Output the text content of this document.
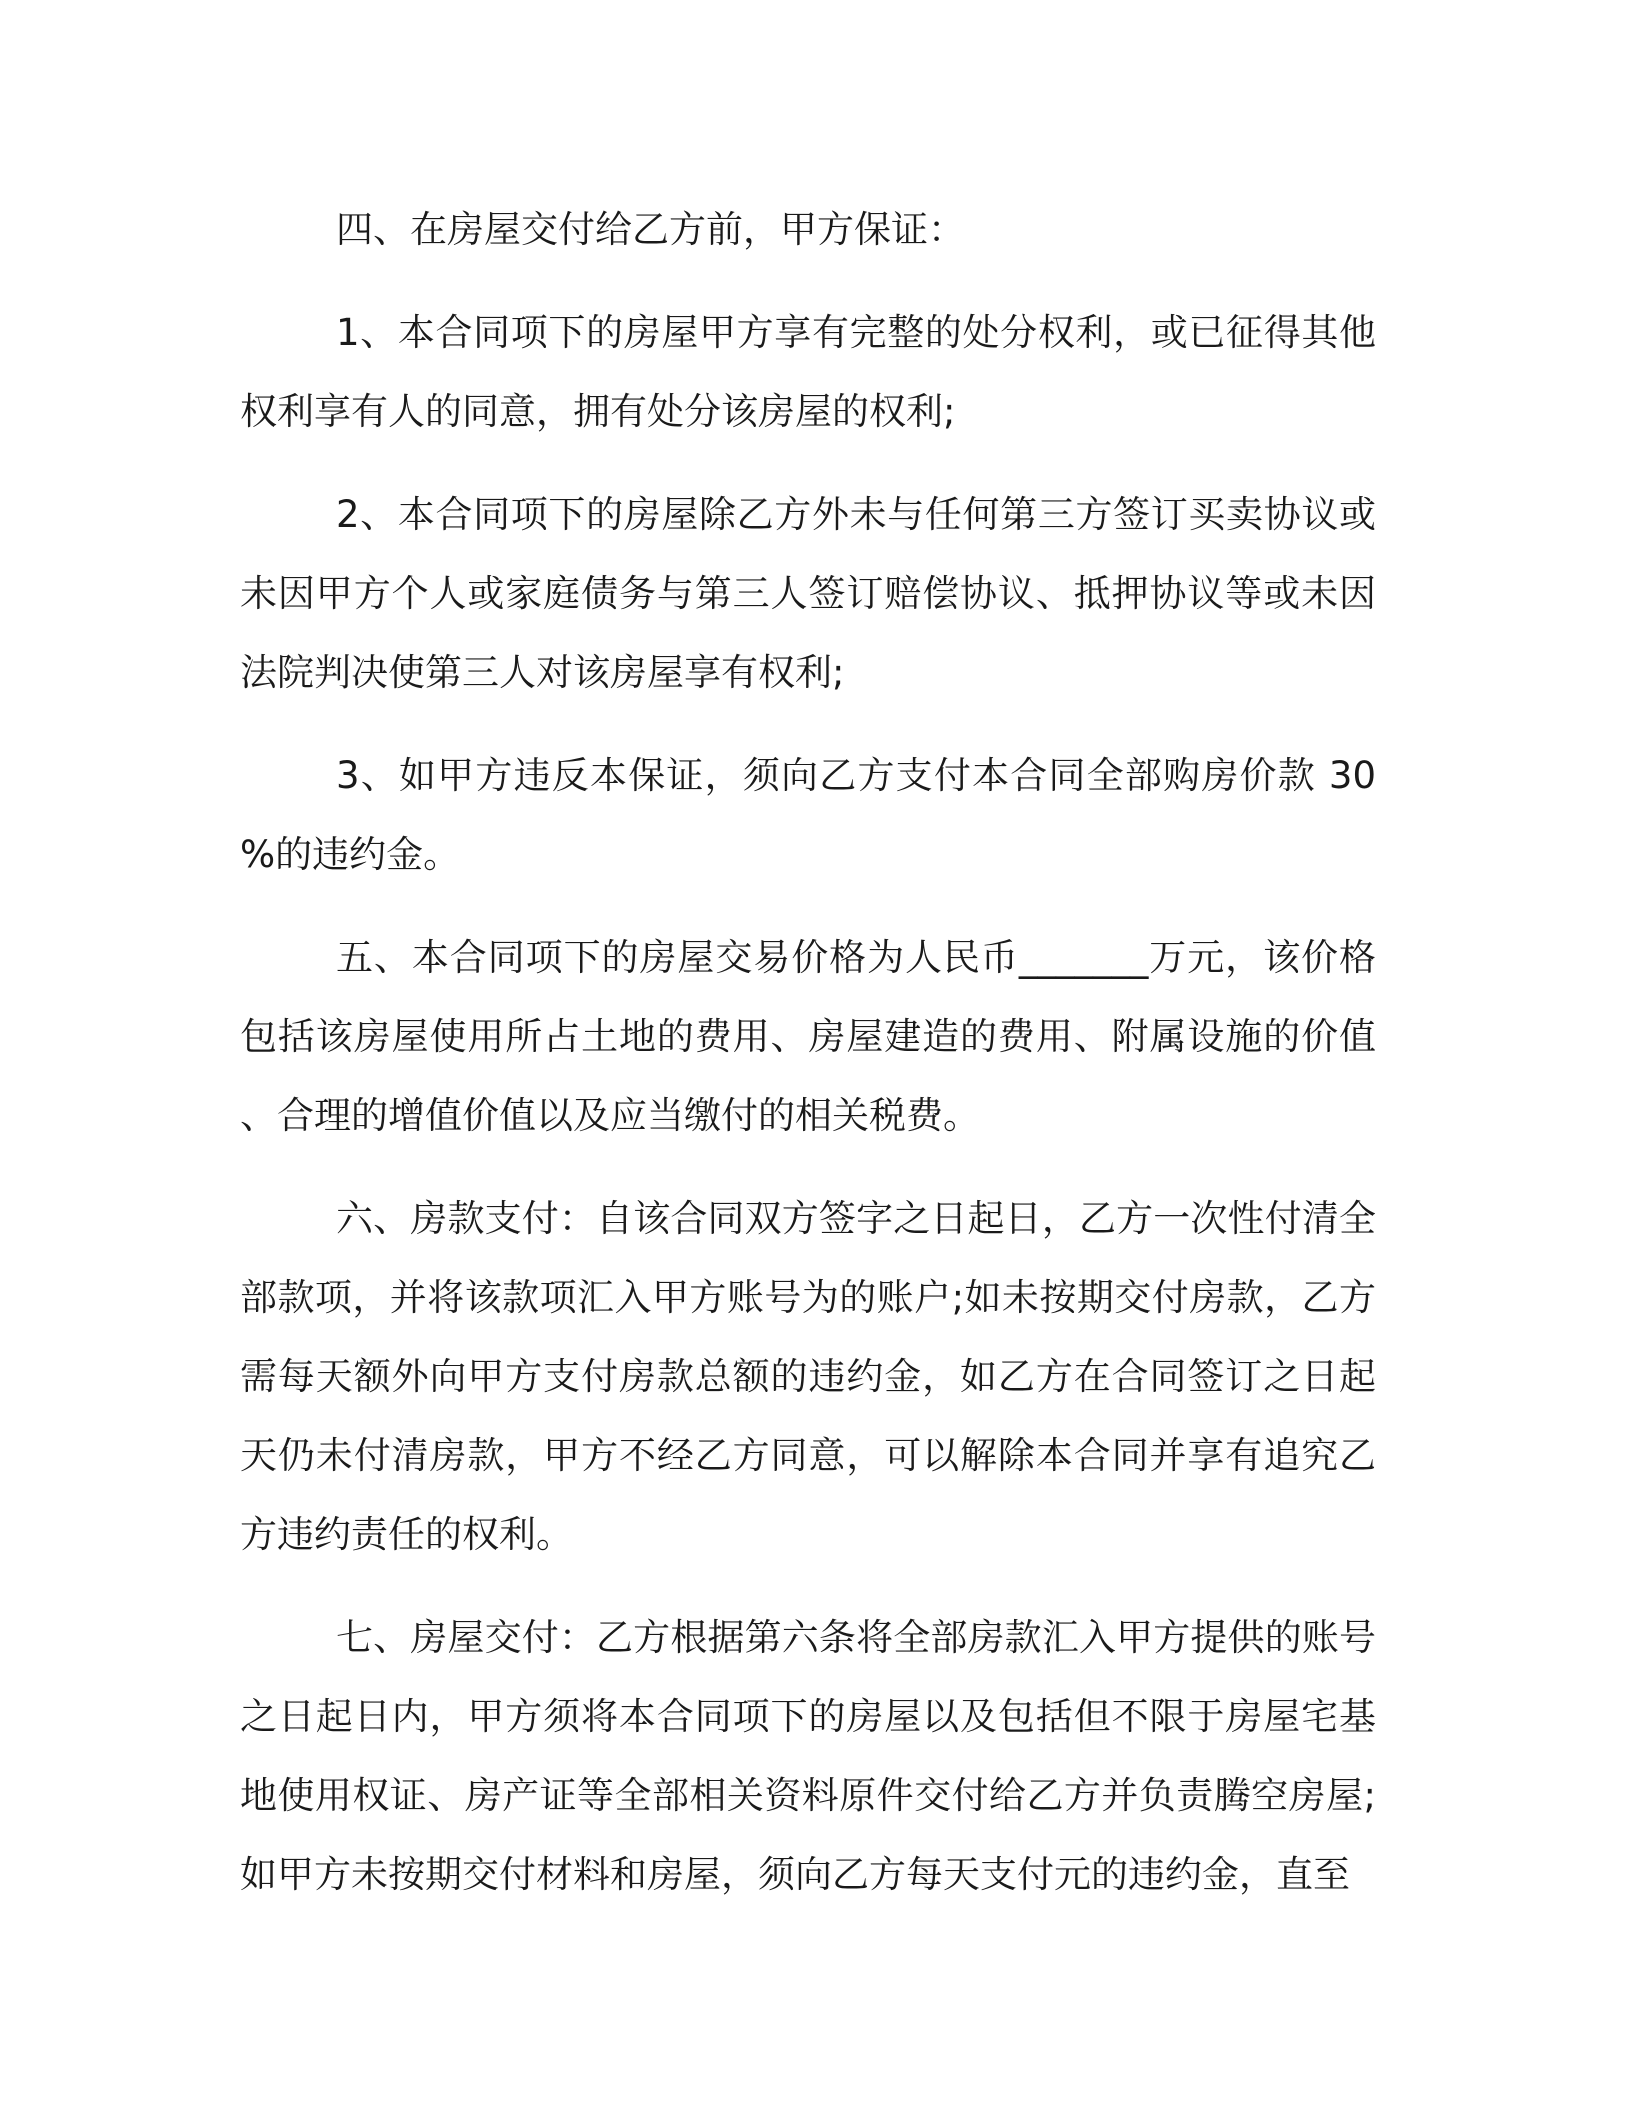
四、在房屋交付给乙方前，甲方保证：

1、本合同项下的房屋甲方享有完整的处分权利，或已征得其他权利享有人的同意，拥有处分该房屋的权利;

2、本合同项下的房屋除乙方外未与任何第三方签订买卖协议或未因甲方个人或家庭债务与第三人签订赔偿协议、抵押协议等或未因法院判决使第三人对该房屋享有权利;

3、如甲方违反本保证，须向乙方支付本合同全部购房价款 30%的违约金。

五、本合同项下的房屋交易价格为人民币_______万元，该价格包括该房屋使用所占土地的费用、房屋建造的费用、附属设施的价值、合理的增值价值以及应当缴付的相关税费。

六、房款支付：自该合同双方签字之日起日，乙方一次性付清全部款项，并将该款项汇入甲方账号为的账户;如未按期交付房款，乙方需每天额外向甲方支付房款总额的违约金，如乙方在合同签订之日起天仍未付清房款，甲方不经乙方同意，可以解除本合同并享有追究乙方违约责任的权利。

七、房屋交付：乙方根据第六条将全部房款汇入甲方提供的账号之日起日内，甲方须将本合同项下的房屋以及包括但不限于房屋宅基地使用权证、房产证等全部相关资料原件交付给乙方并负责腾空房屋;如甲方未按期交付材料和房屋，须向乙方每天支付元的违约金，直至
